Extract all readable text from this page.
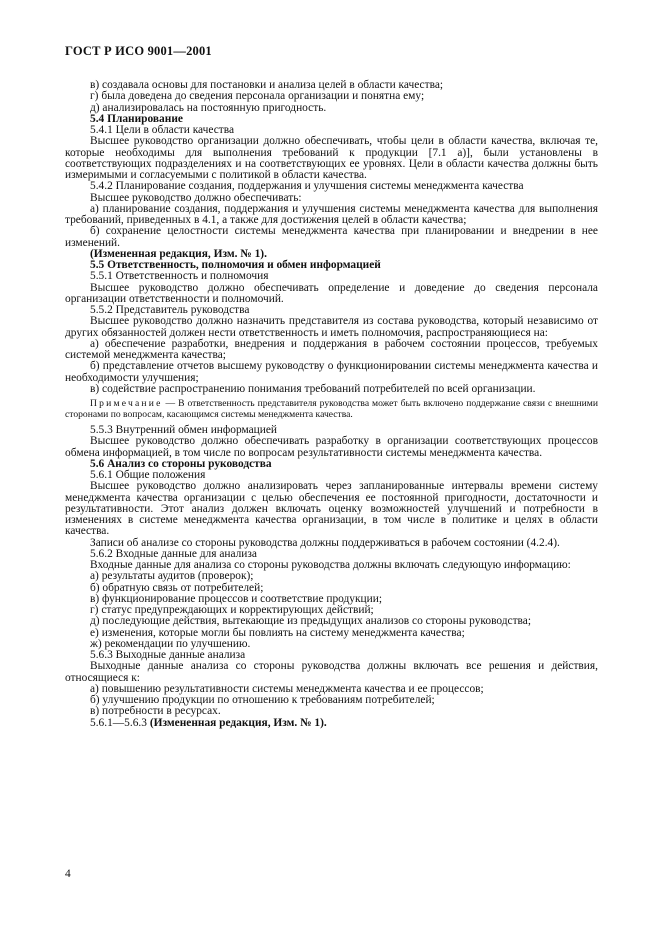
ГОСТ Р ИСО 9001—2001

в) создавала основы для постановки и анализа целей в области качества;

г) была доведена до сведения персонала организации и понятна ему;

д) анализировалась на постоянную пригодность.

5.4 Планирование

5.4.1 Цели в области качества

Высшее руководство организации должно обеспечивать, чтобы цели в области качества, включая те, которые необходимы для выполнения требований к продукции [7.1 а)], были установлены в соответствующих подразделениях и на соответствующих ее уровнях. Цели в области качества должны быть измеримыми и согласуемыми с политикой в области качества.

5.4.2 Планирование создания, поддержания и улучшения системы менеджмента качества

Высшее руководство должно обеспечивать:

а) планирование создания, поддержания и улучшения системы менеджмента качества для выполнения требований, приведенных в 4.1, а также для достижения целей в области качества;

б) сохранение целостности системы менеджмента качества при планировании и внедрении в нее изменений.

(Измененная редакция, Изм. № 1).

5.5 Ответственность, полномочия и обмен информацией

5.5.1 Ответственность и полномочия

Высшее руководство должно обеспечивать определение и доведение до сведения персонала организации ответственности и полномочий.

5.5.2 Представитель руководства

Высшее руководство должно назначить представителя из состава руководства, который независимо от других обязанностей должен нести ответственность и иметь полномочия, распространяющиеся на:

а) обеспечение разработки, внедрения и поддержания в рабочем состоянии процессов, требуемых системой менеджмента качества;

б) представление отчетов высшему руководству о функционировании системы менеджмента качества и необходимости улучшения;

в) содействие распространению понимания требований потребителей по всей организации.

Примечание — В ответственность представителя руководства может быть включено поддержание связи с внешними сторонами по вопросам, касающимся системы менеджмента качества.

5.5.3 Внутренний обмен информацией

Высшее руководство должно обеспечивать разработку в организации соответствующих процессов обмена информацией, в том числе по вопросам результативности системы менеджмента качества.

5.6 Анализ со стороны руководства

5.6.1 Общие положения

Высшее руководство должно анализировать через запланированные интервалы времени систему менеджмента качества организации с целью обеспечения ее постоянной пригодности, достаточности и результативности. Этот анализ должен включать оценку возможностей улучшений и потребности в изменениях в системе менеджмента качества организации, в том числе в политике и целях в области качества.

Записи об анализе со стороны руководства должны поддерживаться в рабочем состоянии (4.2.4).

5.6.2 Входные данные для анализа

Входные данные для анализа со стороны руководства должны включать следующую информацию:

а) результаты аудитов (проверок);

б) обратную связь от потребителей;

в) функционирование процессов и соответствие продукции;

г) статус предупреждающих и корректирующих действий;

д) последующие действия, вытекающие из предыдущих анализов со стороны руководства;

е) изменения, которые могли бы повлиять на систему менеджмента качества;

ж) рекомендации по улучшению.

5.6.3 Выходные данные анализа

Выходные данные анализа со стороны руководства должны включать все решения и действия, относящиеся к:

а) повышению результативности системы менеджмента качества и ее процессов;

б) улучшению продукции по отношению к требованиям потребителей;

в) потребности в ресурсах.

5.6.1—5.6.3 (Измененная редакция, Изм. № 1).

4
